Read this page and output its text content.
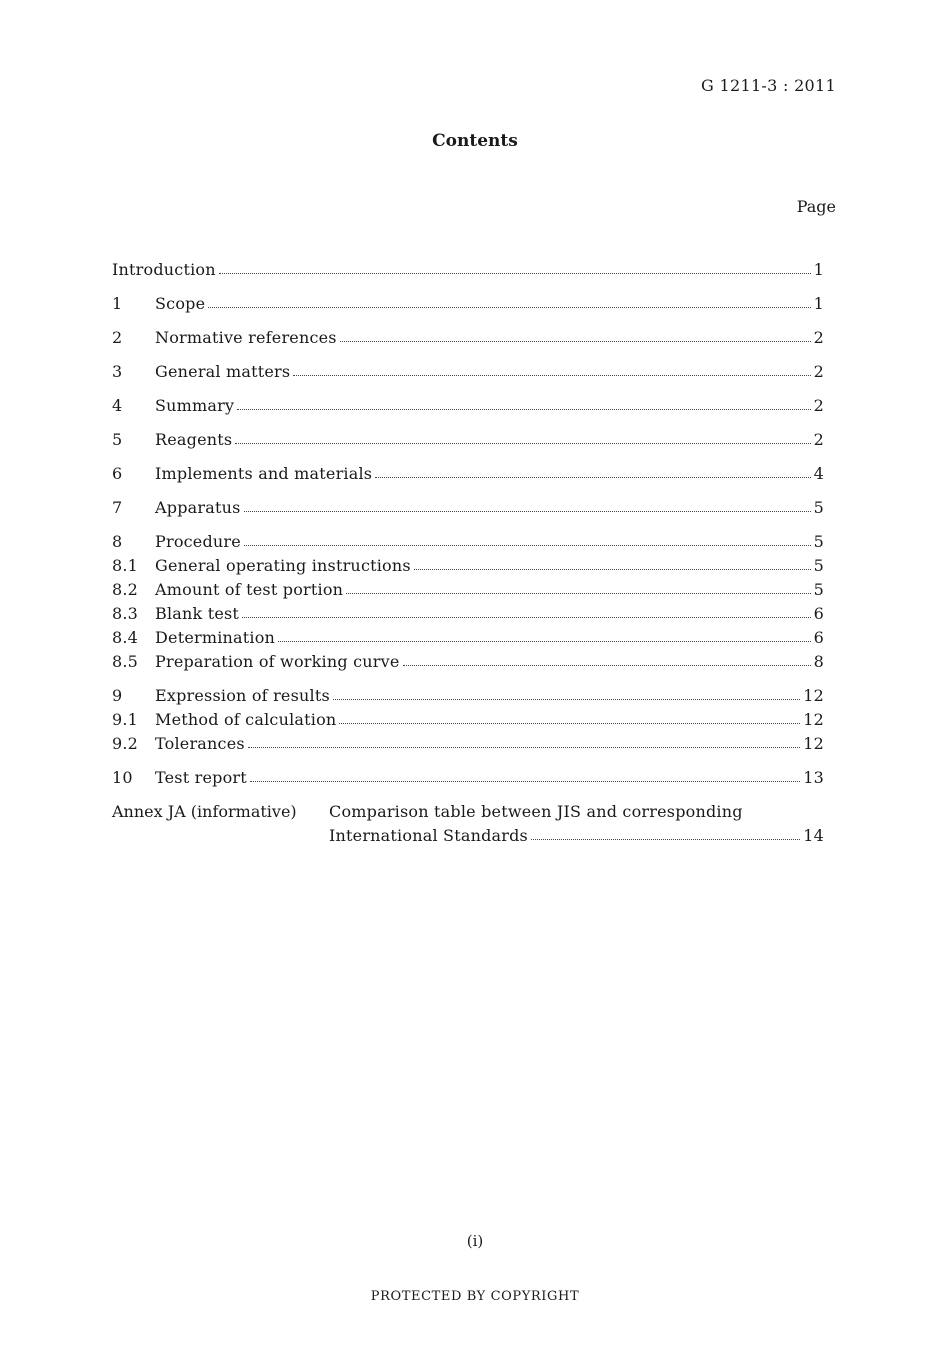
G 1211-3 : 2011
Contents
Page
Introduction	1
1	Scope	1
2	Normative references	2
3	General matters	2
4	Summary	2
5	Reagents	2
6	Implements and materials	4
7	Apparatus	5
8	Procedure	5
8.1	General operating instructions	5
8.2	Amount of test portion	5
8.3	Blank test	6
8.4	Determination	6
8.5	Preparation of working curve	8
9	Expression of results	12
9.1	Method of calculation	12
9.2	Tolerances	12
10	Test report	13
Annex JA (informative)	Comparison table between JIS and corresponding
International Standards	14
(i)
PROTECTED BY COPYRIGHT
